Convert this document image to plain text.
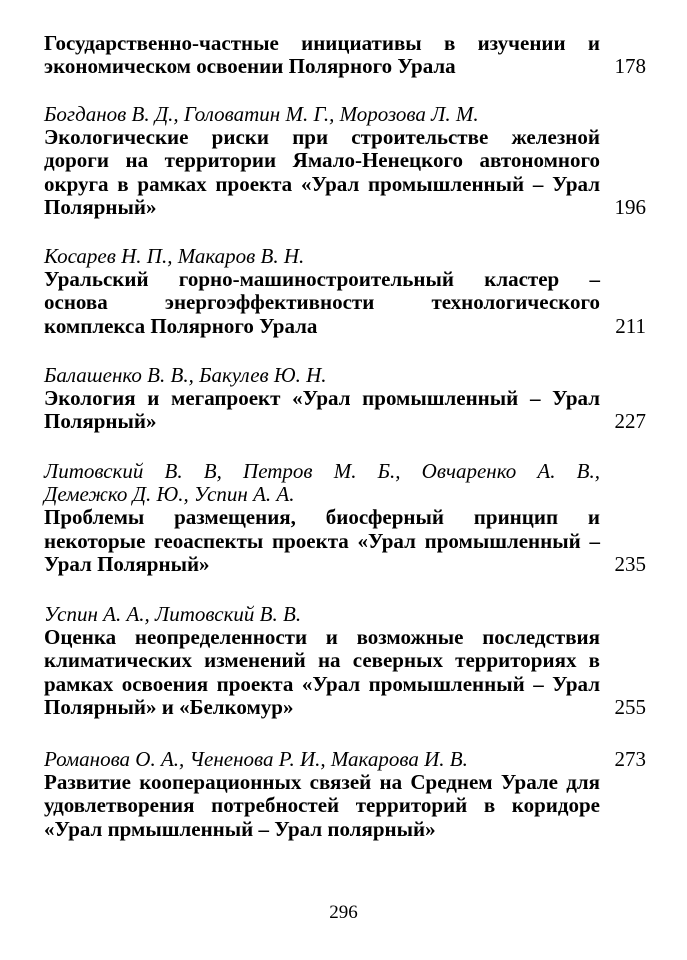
Государственно-частные инициативы в изучении и
экономическом освоении Полярного Урала	178
Богданов В. Д., Головатин М. Г., Морозова Л. М.
Экологические риски при строительстве железной
дороги на территории Ямало-Ненецкого автономного
округа в рамках проекта «Урал промышленный – Урал
Полярный»	196
Косарев Н. П., Макаров В. Н.
Уральский горно-машиностроительный кластер –
основа энергоэффективности технологического
комплекса Полярного Урала	211
Балашенко В. В., Бакулев Ю. Н.
Экология и мегапроект «Урал промышленный – Урал
Полярный»	227
Литовский В. В, Петров М. Б., Овчаренко А. В.,
Демежко Д. Ю., Успин А. А.
Проблемы размещения, биосферный принцип и
некоторые геоаспекты проекта «Урал промышленный –
Урал Полярный»	235
Успин А. А., Литовский В. В.
Оценка неопределенности и возможные последствия
климатических изменений на северных территориях в
рамках освоения проекта «Урал промышленный – Урал
Полярный» и «Белкомур»	255
Романова О. А., Чененова Р. И., Макарова И. В.	273
Развитие кооперационных связей на Среднем Урале для
удовлетворения потребностей территорий в коридоре
«Урал прмышленный – Урал полярный»
296
